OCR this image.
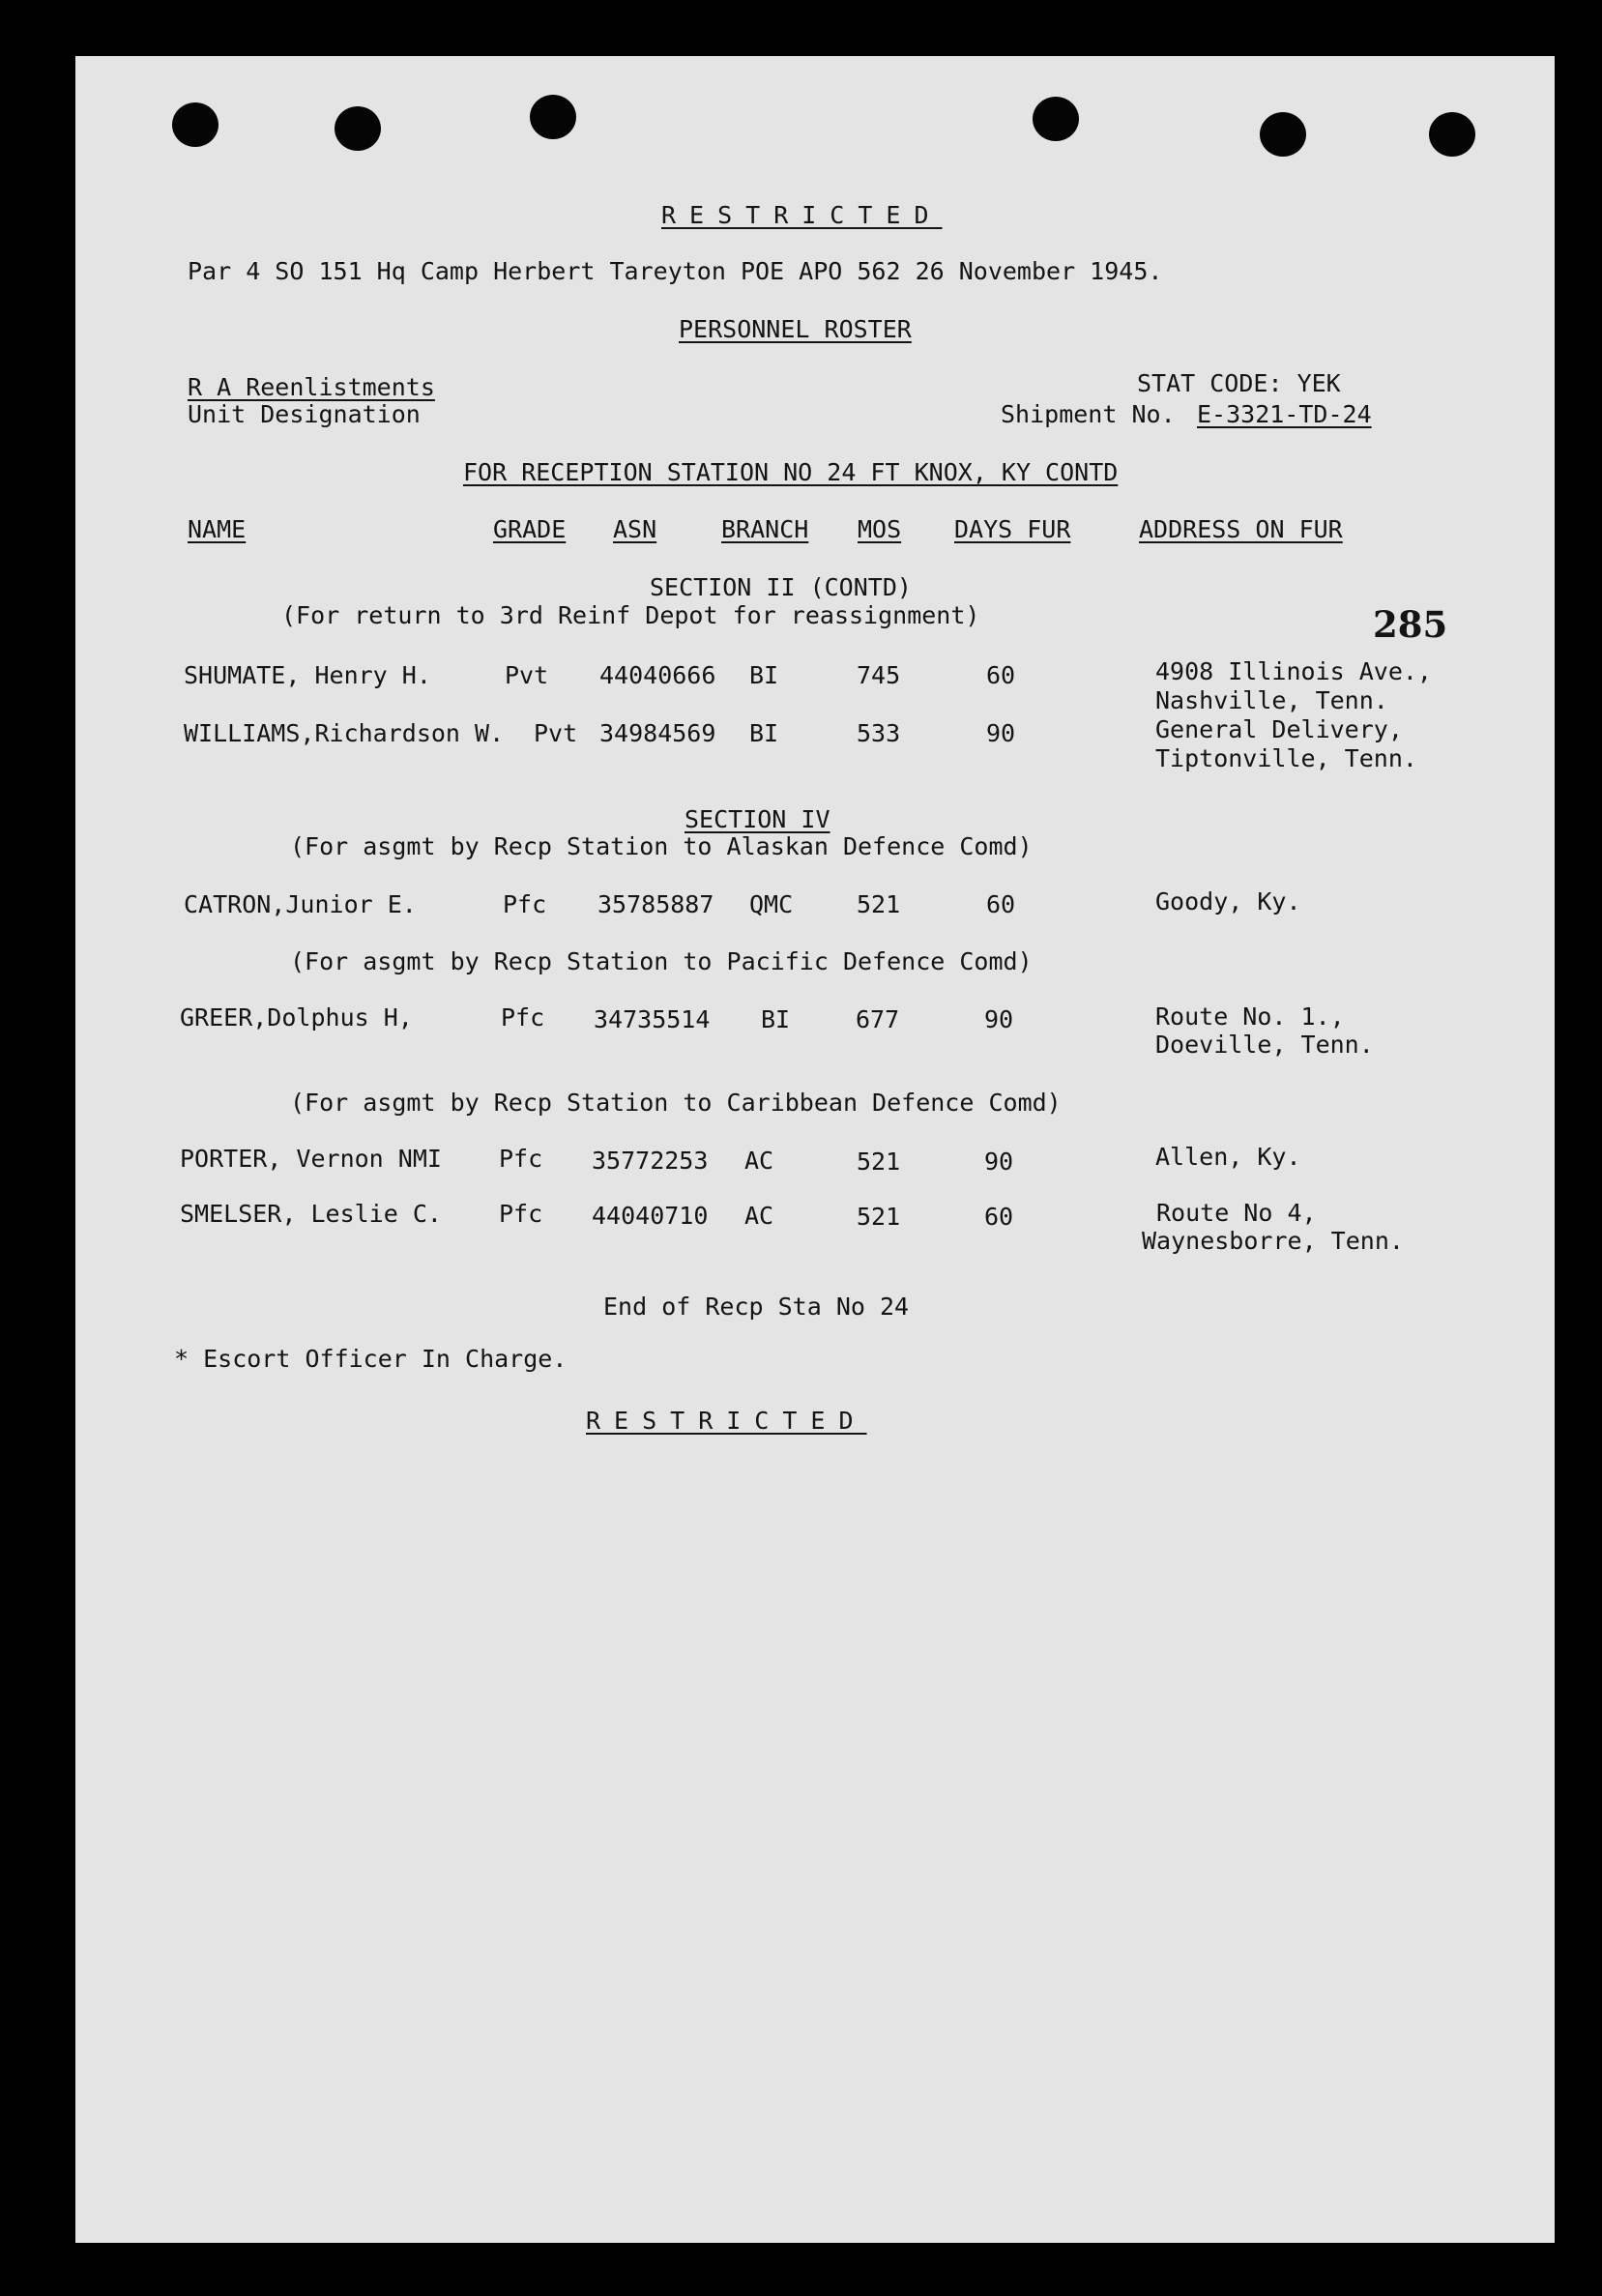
RESTRICTED
Par 4 SO 151 Hq Camp Herbert Tareyton POE APO 562 26 November 1945.
PERSONNEL ROSTER
R A Reenlistments
Unit Designation
STAT CODE: YEK
Shipment No. E-3321-TD-24
FOR RECEPTION STATION NO 24 FT KNOX, KY CONTD
285
NAME	GRADE ASN	BRANCH MOS DAYS FUR	ADDRESS ON FUR
SECTION II (CONTD)
(For return to 3rd Reinf Depot for reassignment)
SHUMATE, Henry H.	Pvt 44040666 BI	745	60	4908 Illinois Ave.,
Nashville, Tenn.
WILLIAMS,Richardson W. Pvt 34984569 BI	533	90	General Delivery,
Tiptonville, Tenn.
SECTION IV
(For asgmt by Recp Station to Alaskan Defence Comd)
CATRON,Junior E.	Pfc 35785887 QMC	521	60	Goody, Ky.
(For asgmt by Recp Station to Pacific Defence Comd)
GREER,Dolphus H,	Pfc 34735514 BI	677	90	Route No. 1.,
Doeville, Tenn.
(For asgmt by Recp Station to Caribbean Defence Comd)
PORTER, Vernon NMI Pfc 35772253 AC	521	90	Allen, Ky.
SMELSER, Leslie C. Pfc 44040710 AC	521	60	Route No 4,
Waynesborre, Tenn.
End of Recp Sta No 24
* Escort Officer In Charge.
RESTRICTED
